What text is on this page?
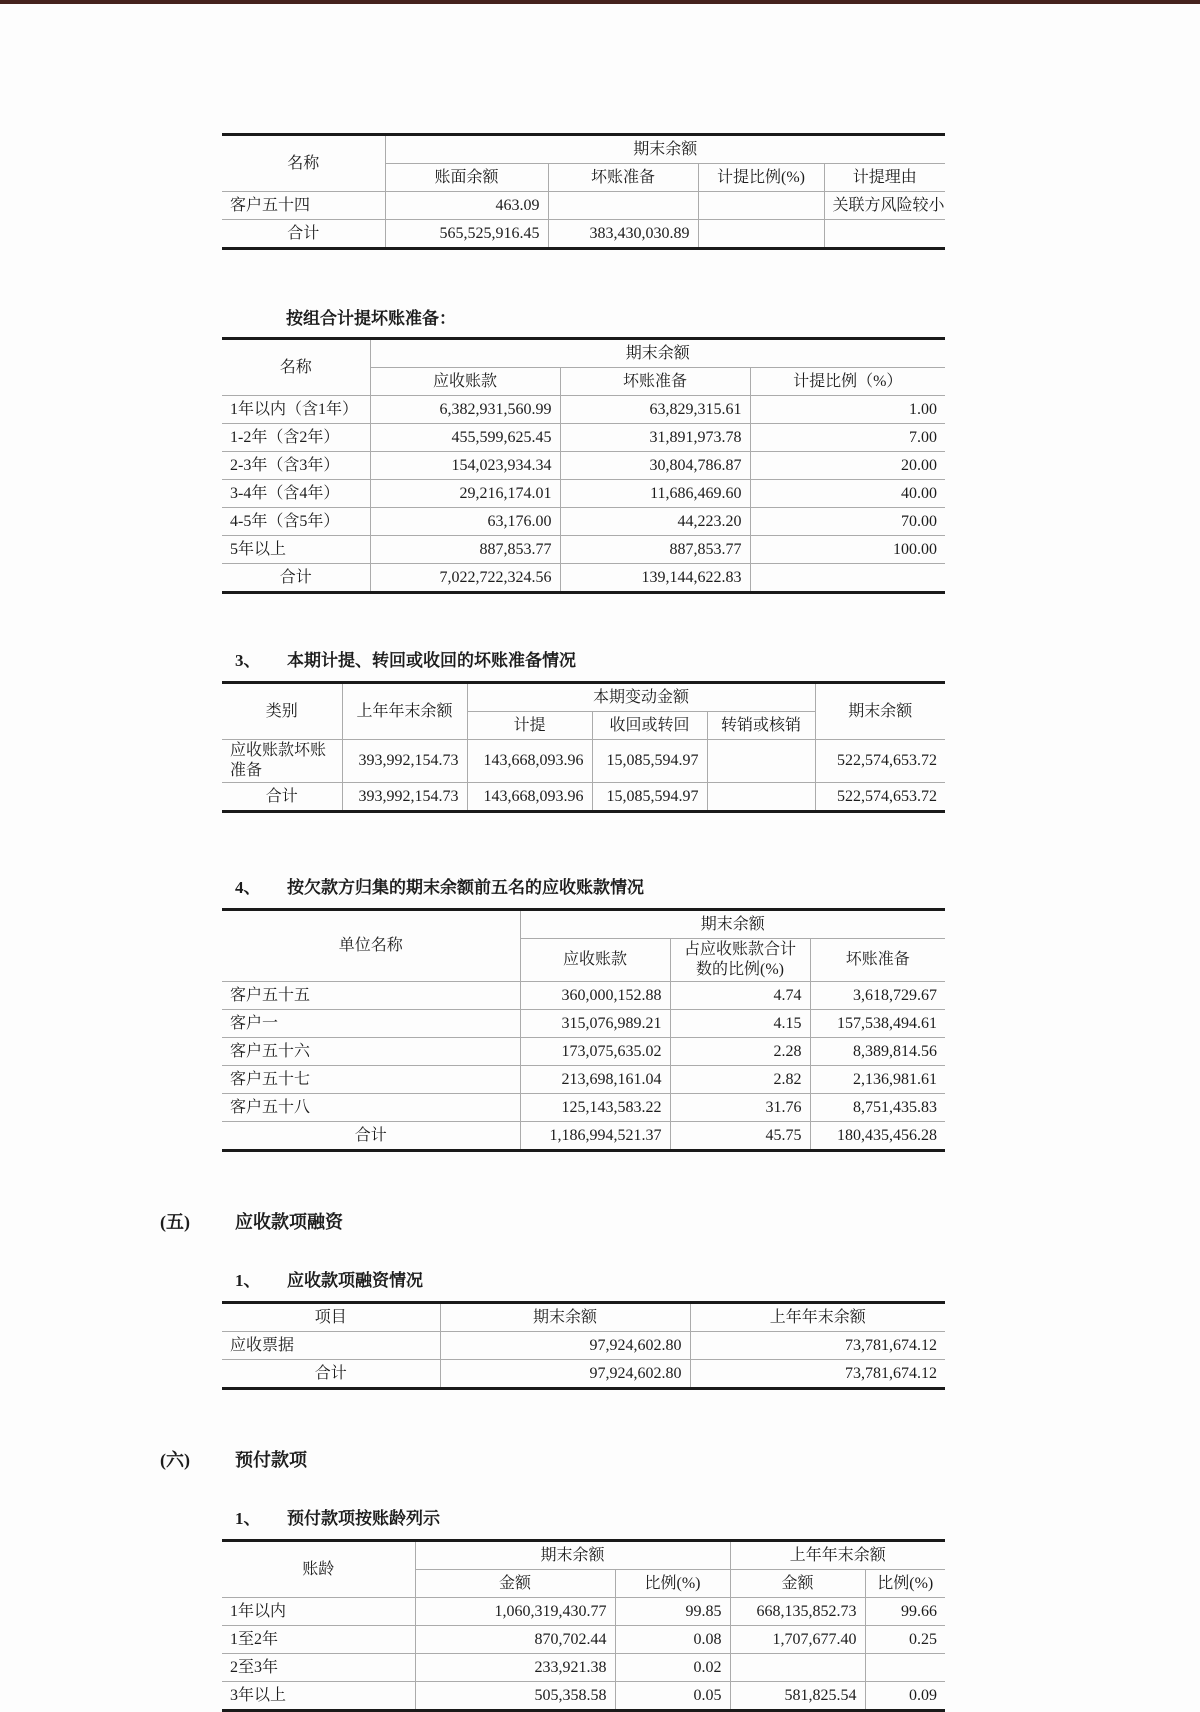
名称	期末余额			
	账面余额	坏账准备	计提比例(%)	计提理由
客户五十四	463.09			关联方风险较小
合计	565,525,916.45	383,430,030.89		
按组合计提坏账准备：
名称	期末余额		
	应收账款	坏账准备	计提比例（%）
1年以内（含1年）	6,382,931,560.99	63,829,315.61	1.00
1-2年（含2年）	455,599,625.45	31,891,973.78	7.00
2-3年（含3年）	154,023,934.34	30,804,786.87	20.00
3-4年（含4年）	29,216,174.01	11,686,469.60	40.00
4-5年（含5年）	63,176.00	44,223.20	70.00
5年以上	887,853.77	887,853.77	100.00
合计	7,022,722,324.56	139,144,622.83	
3、	本期计提、转回或收回的坏账准备情况
类别	上年年末余额	本期变动金额			期末余额
		计提	收回或转回	转销或核销	
应收账款坏账准备	393,992,154.73	143,668,093.96	15,085,594.97		522,574,653.72
合计	393,992,154.73	143,668,093.96	15,085,594.97		522,574,653.72
4、	按欠款方归集的期末余额前五名的应收账款情况
单位名称	期末余额		
	应收账款	占应收账款合计数的比例(%)	坏账准备
客户五十五	360,000,152.88	4.74	3,618,729.67
客户一	315,076,989.21	4.15	157,538,494.61
客户五十六	173,075,635.02	2.28	8,389,814.56
客户五十七	213,698,161.04	2.82	2,136,981.61
客户五十八	125,143,583.22	31.76	8,751,435.83
合计	1,186,994,521.37	45.75	180,435,456.28
(五)	应收款项融资
1、	应收款项融资情况
项目	期末余额	上年年末余额
应收票据	97,924,602.80	73,781,674.12
合计	97,924,602.80	73,781,674.12
(六)	预付款项
1、	预付款项按账龄列示
账龄	期末余额		上年年末余额	
	金额	比例(%)	金额	比例(%)
1年以内	1,060,319,430.77	99.85	668,135,852.73	99.66
1至2年	870,702.44	0.08	1,707,677.40	0.25
2至3年	233,921.38	0.02		
3年以上	505,358.58	0.05	581,825.54	0.09
